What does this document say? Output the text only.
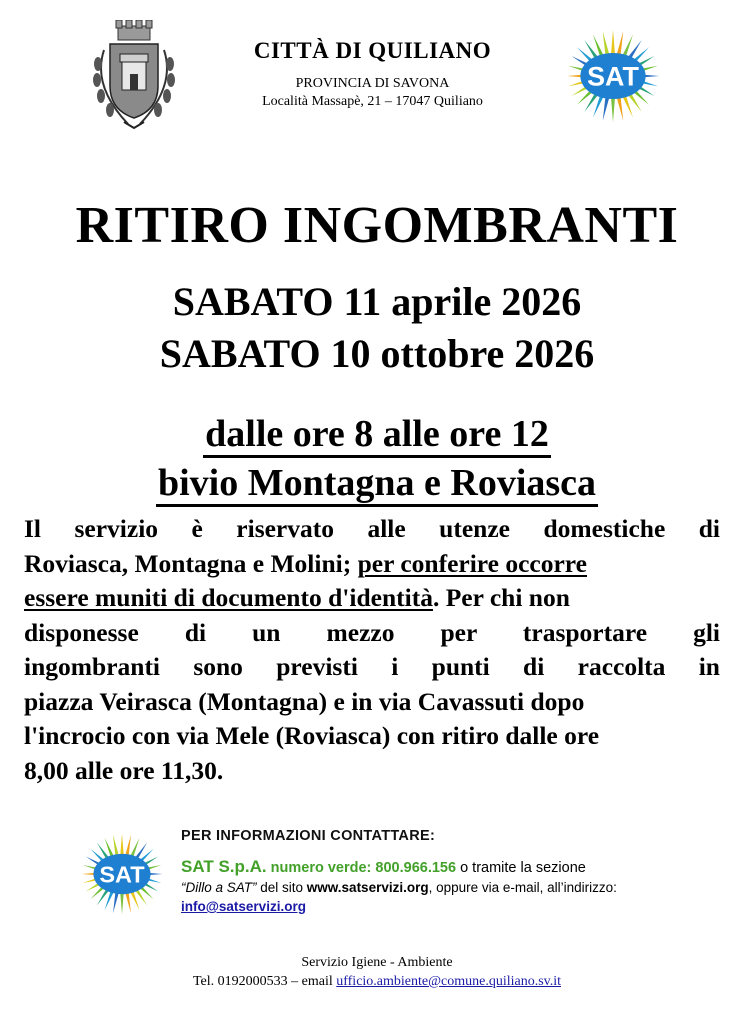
CITTÀ DI QUILIANO
PROVINCIA DI SAVONA
Località Massapè, 21 – 17047 Quiliano
SAT
RITIRO INGOMBRANTI
SABATO 11 aprile 2026
SABATO 10 ottobre 2026
dalle ore 8 alle ore 12
bivio Montagna e Roviasca
Il servizio è riservato alle utenze domestiche di
Roviasca, Montagna e Molini; per conferire occorre
essere muniti di documento d'identità. Per chi non
disponesse di un mezzo per trasportare gli
ingombranti sono previsti i punti di raccolta in
piazza Veirasca (Montagna) e in via Cavassuti dopo
l'incrocio con via Mele (Roviasca) con ritiro dalle ore
8,00 alle ore 11,30.
SAT
PER INFORMAZIONI CONTATTARE:
SAT S.p.A. numero verde: 800.966.156 o tramite la sezione
“Dillo a SAT” del sito www.satservizi.org, oppure via e-mail, all’indirizzo:
info@satservizi.org
Servizio Igiene - Ambiente
Tel. 0192000533 – email ufficio.ambiente@comune.quiliano.sv.it
